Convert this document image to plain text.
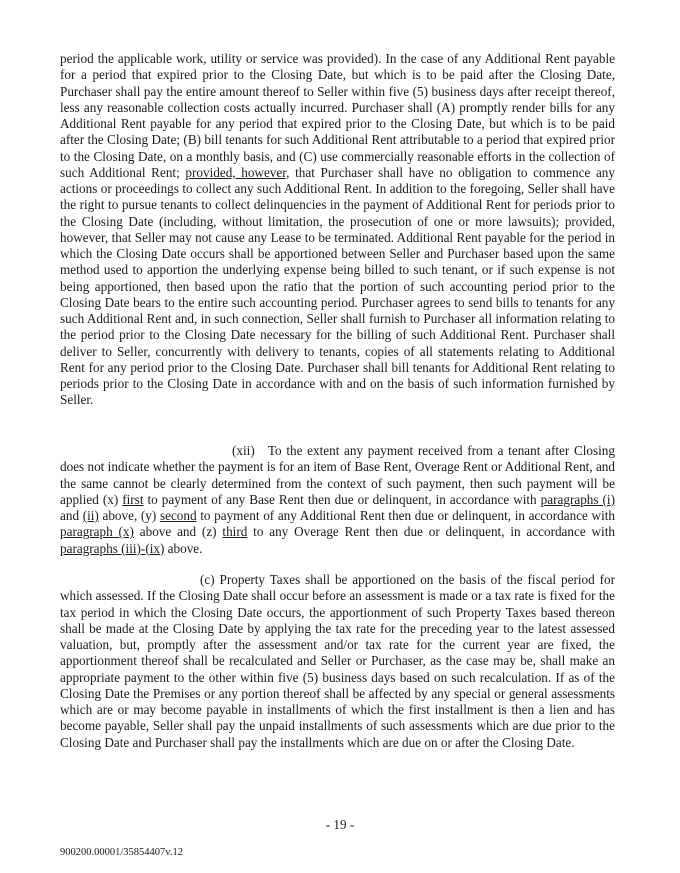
period the applicable work, utility or service was provided). In the case of any Additional Rent payable for a period that expired prior to the Closing Date, but which is to be paid after the Closing Date, Purchaser shall pay the entire amount thereof to Seller within five (5) business days after receipt thereof, less any reasonable collection costs actually incurred. Purchaser shall (A) promptly render bills for any Additional Rent payable for any period that expired prior to the Closing Date, but which is to be paid after the Closing Date; (B) bill tenants for such Additional Rent attributable to a period that expired prior to the Closing Date, on a monthly basis, and (C) use commercially reasonable efforts in the collection of such Additional Rent; provided, however, that Purchaser shall have no obligation to commence any actions or proceedings to collect any such Additional Rent. In addition to the foregoing, Seller shall have the right to pursue tenants to collect delinquencies in the payment of Additional Rent for periods prior to the Closing Date (including, without limitation, the prosecution of one or more lawsuits); provided, however, that Seller may not cause any Lease to be terminated. Additional Rent payable for the period in which the Closing Date occurs shall be apportioned between Seller and Purchaser based upon the same method used to apportion the underlying expense being billed to such tenant, or if such expense is not being apportioned, then based upon the ratio that the portion of such accounting period prior to the Closing Date bears to the entire such accounting period. Purchaser agrees to send bills to tenants for any such Additional Rent and, in such connection, Seller shall furnish to Purchaser all information relating to the period prior to the Closing Date necessary for the billing of such Additional Rent. Purchaser shall deliver to Seller, concurrently with delivery to tenants, copies of all statements relating to Additional Rent for any period prior to the Closing Date. Purchaser shall bill tenants for Additional Rent relating to periods prior to the Closing Date in accordance with and on the basis of such information furnished by Seller.

(xii) To the extent any payment received from a tenant after Closing does not indicate whether the payment is for an item of Base Rent, Overage Rent or Additional Rent, and the same cannot be clearly determined from the context of such payment, then such payment will be applied (x) first to payment of any Base Rent then due or delinquent, in accordance with paragraphs (i) and (ii) above, (y) second to payment of any Additional Rent then due or delinquent, in accordance with paragraph (x) above and (z) third to any Overage Rent then due or delinquent, in accordance with paragraphs (iii)-(ix) above.

(c) Property Taxes shall be apportioned on the basis of the fiscal period for which assessed. If the Closing Date shall occur before an assessment is made or a tax rate is fixed for the tax period in which the Closing Date occurs, the apportionment of such Property Taxes based thereon shall be made at the Closing Date by applying the tax rate for the preceding year to the latest assessed valuation, but, promptly after the assessment and/or tax rate for the current year are fixed, the apportionment thereof shall be recalculated and Seller or Purchaser, as the case may be, shall make an appropriate payment to the other within five (5) business days based on such recalculation. If as of the Closing Date the Premises or any portion thereof shall be affected by any special or general assessments which are or may become payable in installments of which the first installment is then a lien and has become payable, Seller shall pay the unpaid installments of such assessments which are due prior to the Closing Date and Purchaser shall pay the installments which are due on or after the Closing Date.

- 19 -

900200.00001/35854407v.12
